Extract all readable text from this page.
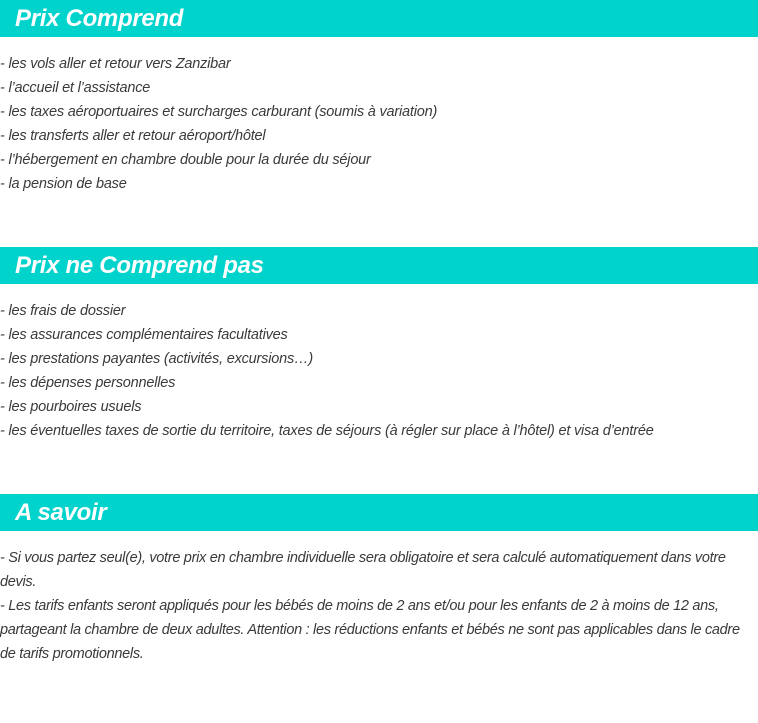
Prix Comprend
- les vols aller et retour vers Zanzibar
- l’accueil et l’assistance
- les taxes aéroportuaires et surcharges carburant (soumis à variation)
- les transferts aller et retour aéroport/hôtel
- l’hébergement en chambre double pour la durée du séjour
- la pension de base
Prix ne Comprend pas
- les frais de dossier
- les assurances complémentaires facultatives
- les prestations payantes (activités, excursions…)
- les dépenses personnelles
- les pourboires usuels
- les éventuelles taxes de sortie du territoire, taxes de séjours (à régler sur place à l’hôtel) et visa d’entrée
A savoir

- Si vous partez seul(e), votre prix en chambre individuelle sera obligatoire et sera calculé automatiquement dans votre devis.

- Les tarifs enfants seront appliqués pour les bébés de moins de 2 ans et/ou pour les enfants de 2 à moins de 12 ans, partageant la chambre de deux adultes. Attention : les réductions enfants et bébés ne sont pas applicables dans le cadre de tarifs promotionnels.
